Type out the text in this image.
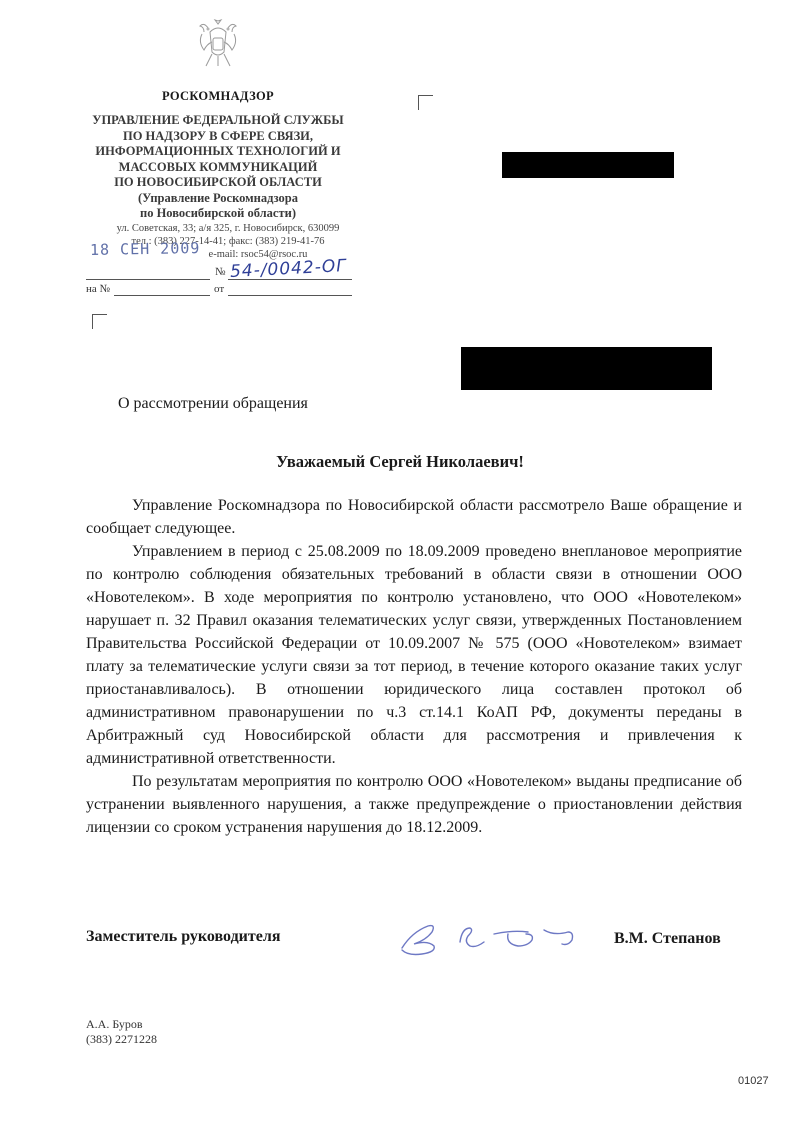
РОСКОМНАДЗОР
УПРАВЛЕНИЕ ФЕДЕРАЛЬНОЙ СЛУЖБЫ
ПО НАДЗОРУ В СФЕРЕ СВЯЗИ,
ИНФОРМАЦИОННЫХ ТЕХНОЛОГИЙ И
МАССОВЫХ КОММУНИКАЦИЙ
ПО НОВОСИБИРСКОЙ ОБЛАСТИ
(Управление Роскомнадзора
по Новосибирской области)
ул. Советская, 33; а/я 325, г. Новосибирск, 630099
тел.: (383) 227-14-41; факс: (383) 219-41-76
e-mail: rsoc54@rsoc.ru
18 СЕН 2009
№ 54-/0042-ОГ
на №	от
О рассмотрении обращения
Уважаемый Сергей Николаевич!

Управление Роскомнадзора по Новосибирской области рассмотрело Ваше обращение и сообщает следующее.

Управлением в период с 25.08.2009 по 18.09.2009 проведено внеплановое мероприятие по контролю соблюдения обязательных требований в области связи в отношении ООО «Новотелеком». В ходе мероприятия по контролю установлено, что ООО «Новотелеком» нарушает п. 32 Правил оказания телематических услуг связи, утвержденных Постановлением Правительства Российской Федерации от 10.09.2007 № 575 (ООО «Новотелеком» взимает плату за телематические услуги связи за тот период, в течение которого оказание таких услуг приостанавливалось). В отношении юридического лица составлен протокол об административном правонарушении по ч.3 ст.14.1 КоАП РФ, документы переданы в Арбитражный суд Новосибирской области для рассмотрения и привлечения к административной ответственности.

По результатам мероприятия по контролю ООО «Новотелеком» выданы предписание об устранении выявленного нарушения, а также предупреждение о приостановлении действия лицензии со сроком устранения нарушения до 18.12.2009.

Заместитель руководителя	В.М. Степанов
А.А. Буров
(383) 2271228
01027
